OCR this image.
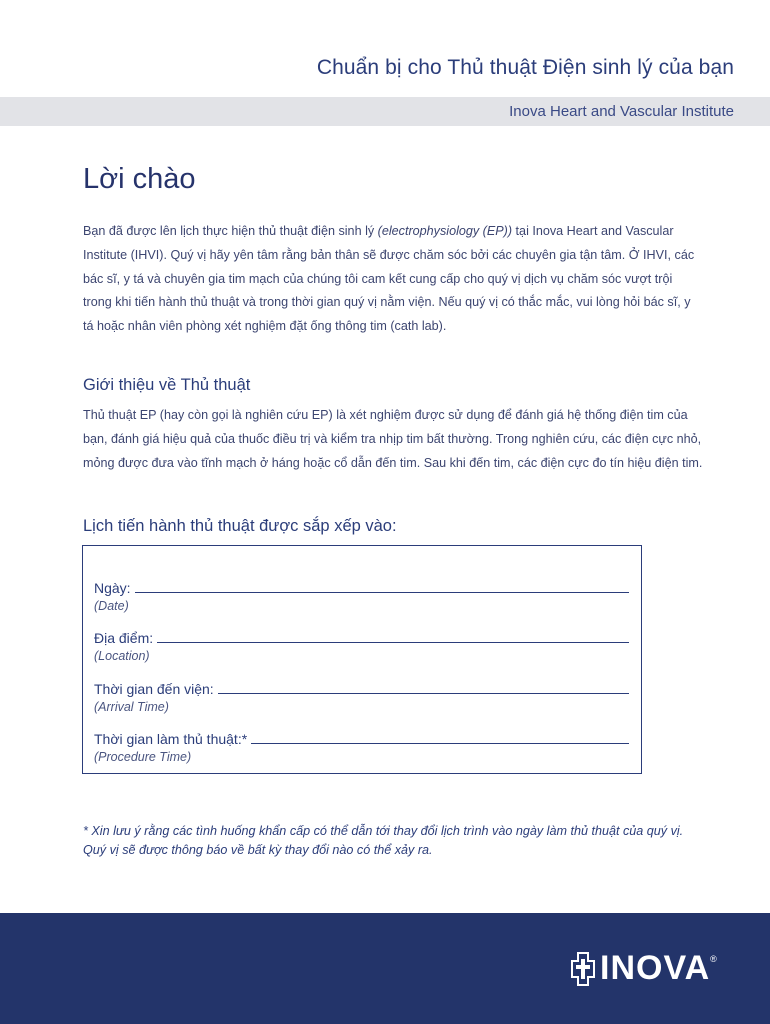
Chuẩn bị cho Thủ thuật Điện sinh lý của bạn
Inova Heart and Vascular Institute
Lời chào

Bạn đã được lên lịch thực hiện thủ thuật điện sinh lý (electrophysiology (EP)) tại Inova Heart and Vascular Institute (IHVI). Quý vị hãy yên tâm rằng bản thân sẽ được chăm sóc bởi các chuyên gia tận tâm. Ở IHVI, các bác sĩ, y tá và chuyên gia tim mạch của chúng tôi cam kết cung cấp cho quý vị dịch vụ chăm sóc vượt trội trong khi tiến hành thủ thuật và trong thời gian quý vị nằm viện. Nếu quý vị có thắc mắc, vui lòng hỏi bác sĩ, y tá hoặc nhân viên phòng xét nghiệm đặt ống thông tim (cath lab).

Giới thiệu về Thủ thuật

Thủ thuật EP (hay còn gọi là nghiên cứu EP) là xét nghiệm được sử dụng để đánh giá hệ thống điện tim của bạn, đánh giá hiệu quả của thuốc điều trị và kiểm tra nhịp tim bất thường. Trong nghiên cứu, các điện cực nhỏ, mỏng được đưa vào tĩnh mạch ở háng hoặc cổ dẫn đến tim. Sau khi đến tim, các điện cực đo tín hiệu điện tim.

Lịch tiến hành thủ thuật được sắp xếp vào:
Ngày:
(Date)
Địa điểm:
(Location)
Thời gian đến viện:
(Arrival Time)
Thời gian làm thủ thuật:*
(Procedure Time)

* Xin lưu ý rằng các tình huống khẩn cấp có thể dẫn tới thay đổi lịch trình vào ngày làm thủ thuật của quý vị. Quý vị sẽ được thông báo về bất kỳ thay đổi nào có thể xảy ra.

INOVA ®
